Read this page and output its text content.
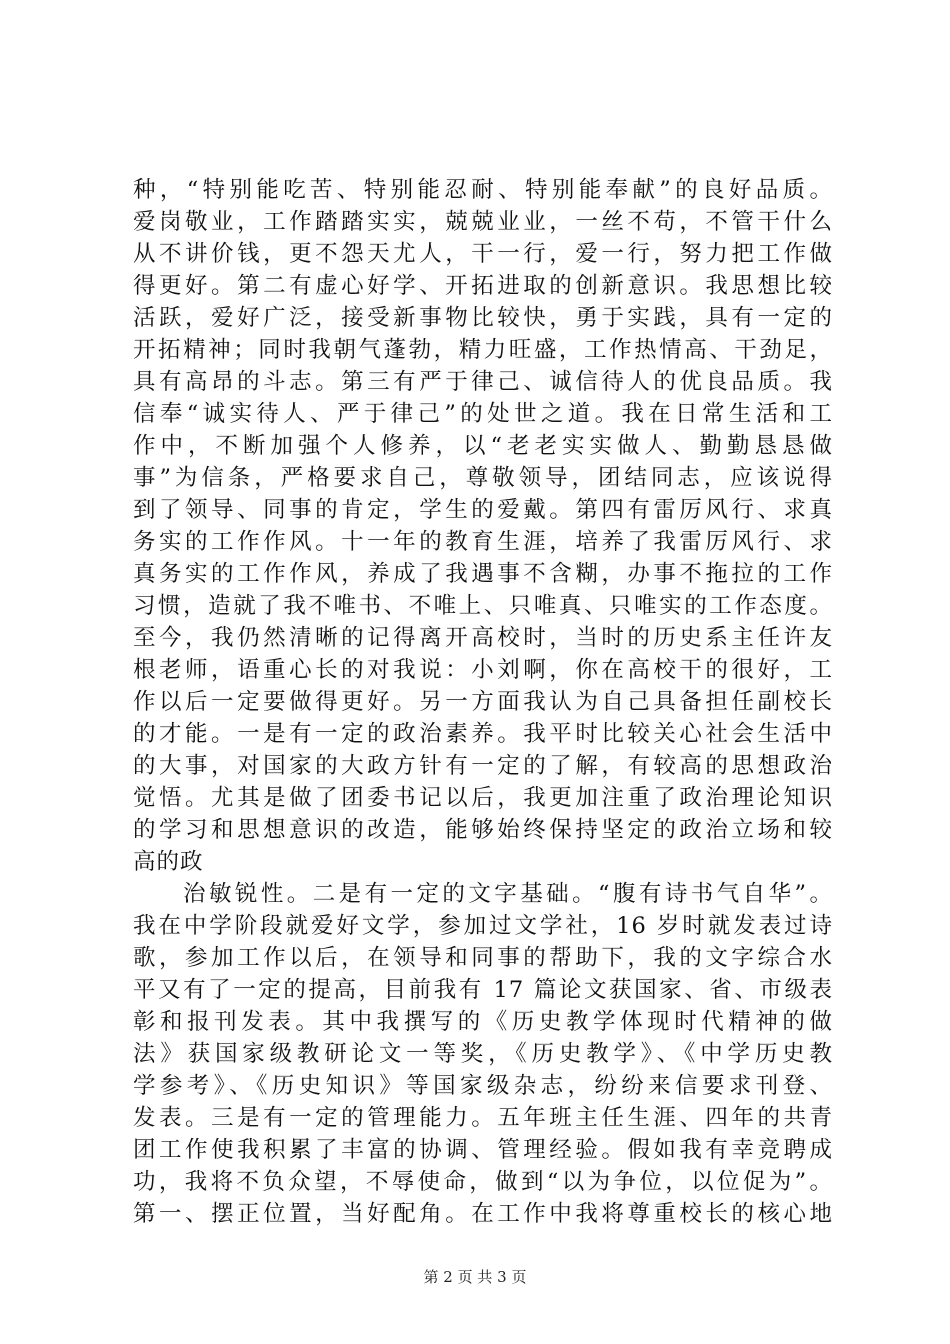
种，“特别能吃苦、特别能忍耐、特别能奉献”的良好品质。
爱岗敬业，工作踏踏实实，兢兢业业，一丝不苟，不管干什么
从不讲价钱，更不怨天尤人，干一行，爱一行，努力把工作做
得更好。第二有虚心好学、开拓进取的创新意识。我思想比较
活跃，爱好广泛，接受新事物比较快，勇于实践，具有一定的
开拓精神；同时我朝气蓬勃，精力旺盛，工作热情高、干劲足，
具有高昂的斗志。第三有严于律己、诚信待人的优良品质。我
信奉“诚实待人、严于律己”的处世之道。我在日常生活和工
作中，不断加强个人修养，以“老老实实做人、勤勤恳恳做
事”为信条，严格要求自己，尊敬领导，团结同志，应该说得
到了领导、同事的肯定，学生的爱戴。第四有雷厉风行、求真
务实的工作作风。十一年的教育生涯，培养了我雷厉风行、求
真务实的工作作风，养成了我遇事不含糊，办事不拖拉的工作
习惯，造就了我不唯书、不唯上、只唯真、只唯实的工作态度。
至今，我仍然清晰的记得离开高校时，当时的历史系主任许友
根老师，语重心长的对我说：小刘啊，你在高校干的很好，工
作以后一定要做得更好。另一方面我认为自己具备担任副校长
的才能。一是有一定的政治素养。我平时比较关心社会生活中
的大事，对国家的大政方针有一定的了解，有较高的思想政治
觉悟。尤其是做了团委书记以后，我更加注重了政治理论知识
的学习和思想意识的改造，能够始终保持坚定的政治立场和较
高的政
治敏锐性。二是有一定的文字基础。“腹有诗书气自华”。
我在中学阶段就爱好文学，参加过文学社，16 岁时就发表过诗
歌，参加工作以后，在领导和同事的帮助下，我的文字综合水
平又有了一定的提高，目前我有 17 篇论文获国家、省、市级表
彰和报刊发表。其中我撰写的《历史教学体现时代精神的做
法》获国家级教研论文一等奖，《历史教学》、《中学历史教
学参考》、《历史知识》等国家级杂志，纷纷来信要求刊登、
发表。三是有一定的管理能力。五年班主任生涯、四年的共青
团工作使我积累了丰富的协调、管理经验。假如我有幸竞聘成
功，我将不负众望，不辱使命，做到“以为争位，以位促为”。
第一、摆正位置，当好配角。在工作中我将尊重校长的核心地
第 2 页 共 3 页
